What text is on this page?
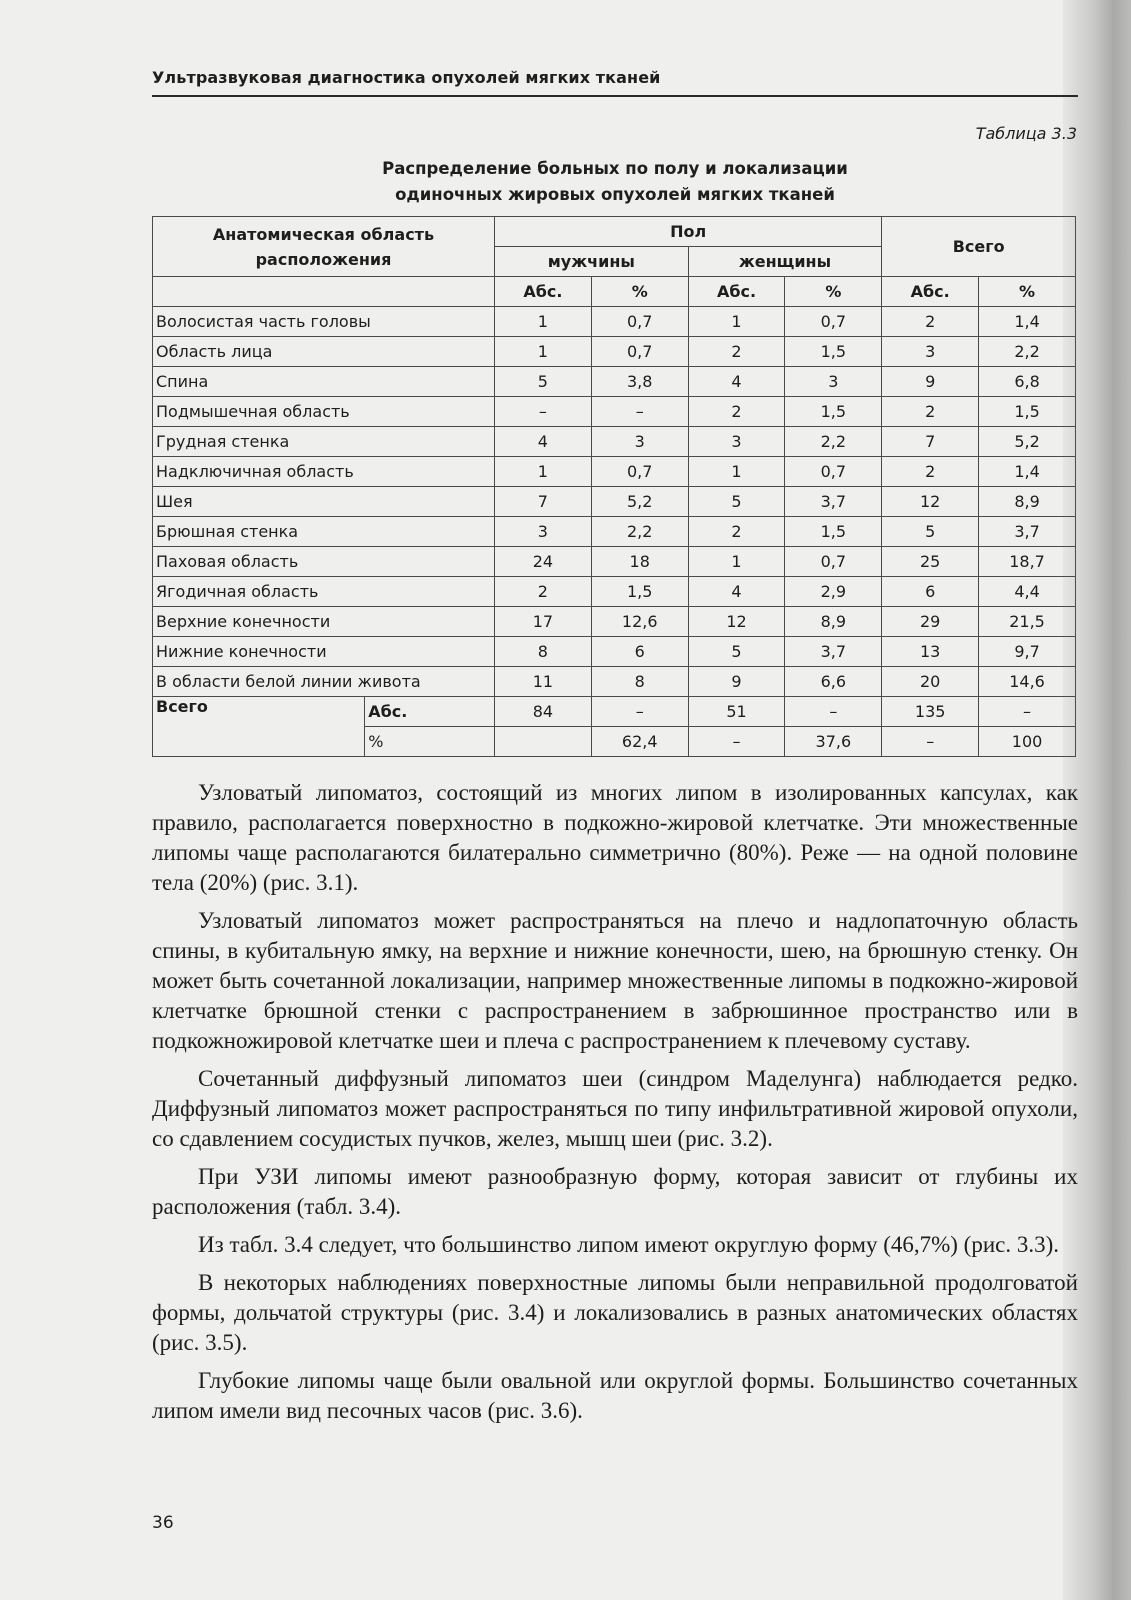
Ультразвуковая диагностика опухолей мягких тканей
Таблица 3.3
Распределение больных по полу и локализации
одиночных жировых опухолей мягких тканей
Анатомическая область расположения		Пол				Всего	
		мужчины		женщины			
		Абс.	%	Абс.	%	Абс.	%
Волосистая часть головы		1	0,7	1	0,7	2	1,4
Область лица		1	0,7	2	1,5	3	2,2
Спина		5	3,8	4	3	9	6,8
Подмышечная область		–	–	2	1,5	2	1,5
Грудная стенка		4	3	3	2,2	7	5,2
Надключичная область		1	0,7	1	0,7	2	1,4
Шея		7	5,2	5	3,7	12	8,9
Брюшная стенка		3	2,2	2	1,5	5	3,7
Паховая область		24	18	1	0,7	25	18,7
Ягодичная область		2	1,5	4	2,9	6	4,4
Верхние конечности		17	12,6	12	8,9	29	21,5
Нижние конечности		8	6	5	3,7	13	9,7
В области белой линии живота		11	8	9	6,6	20	14,6
Всего	Абс.	84	–	51	–	135	–
	%		62,4	–	37,6	–	100

Узловатый липоматоз, состоящий из многих липом в изолированных капсулах, как правило, располагается поверхностно в подкожно-жировой клетчатке. Эти множественные липомы чаще располагаются билатерально симметрично (80%). Реже — на одной половине тела (20%) (рис. 3.1).

Узловатый липоматоз может распространяться на плечо и надлопаточную область спины, в кубитальную ямку, на верхние и нижние конечности, шею, на брюшную стенку. Он может быть сочетанной локализации, например множественные липомы в подкожно-жировой клетчатке брюшной стенки с распространением в забрюшинное пространство или в подкожножировой клетчатке шеи и плеча с распространением к плечевому суставу.

Сочетанный диффузный липоматоз шеи (синдром Маделунга) наблюдается редко. Диффузный липоматоз может распространяться по типу инфильтративной жировой опухоли, со сдавлением сосудистых пучков, желез, мышц шеи (рис. 3.2).

При УЗИ липомы имеют разнообразную форму, которая зависит от глубины их расположения (табл. 3.4).

Из табл. 3.4 следует, что большинство липом имеют округлую форму (46,7%) (рис. 3.3).

В некоторых наблюдениях поверхностные липомы были неправильной продолговатой формы, дольчатой структуры (рис. 3.4) и локализовались в разных анатомических областях (рис. 3.5).

Глубокие липомы чаще были овальной или округлой формы. Большинство сочетанных липом имели вид песочных часов (рис. 3.6).

36
